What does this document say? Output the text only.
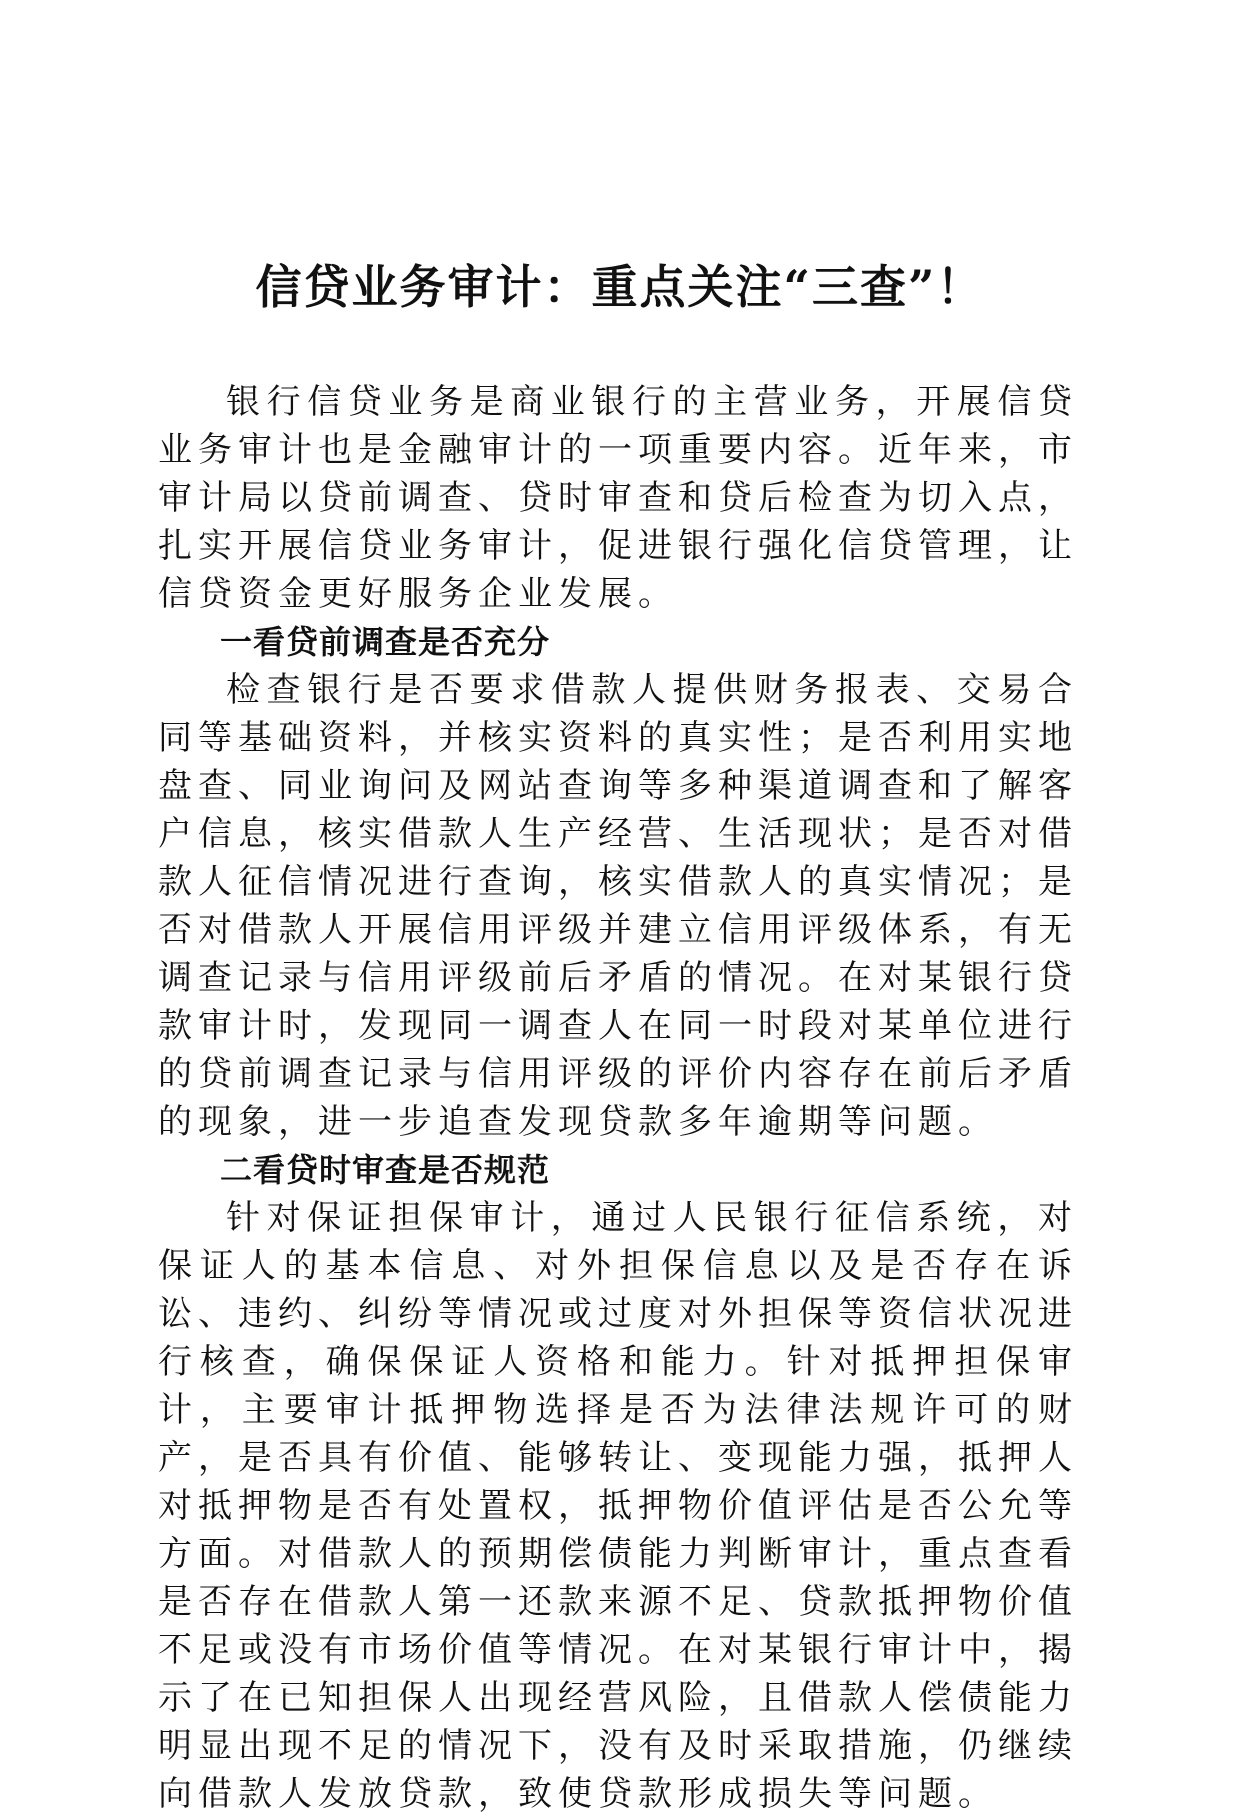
信贷业务审计：重点关注“三查”！

银行信贷业务是商业银行的主营业务，开展信贷业务审计也是金融审计的一项重要内容。近年来，市审计局以贷前调查、贷时审查和贷后检查为切入点，扎实开展信贷业务审计，促进银行强化信贷管理，让信贷资金更好服务企业发展。

一看贷前调查是否充分

检查银行是否要求借款人提供财务报表、交易合同等基础资料，并核实资料的真实性；是否利用实地盘查、同业询问及网站查询等多种渠道调查和了解客户信息，核实借款人生产经营、生活现状；是否对借款人征信情况进行查询，核实借款人的真实情况；是否对借款人开展信用评级并建立信用评级体系，有无调查记录与信用评级前后矛盾的情况。在对某银行贷款审计时，发现同一调查人在同一时段对某单位进行的贷前调查记录与信用评级的评价内容存在前后矛盾的现象，进一步追查发现贷款多年逾期等问题。

二看贷时审查是否规范

针对保证担保审计，通过人民银行征信系统，对保证人的基本信息、对外担保信息以及是否存在诉讼、违约、纠纷等情况或过度对外担保等资信状况进行核查，确保保证人资格和能力。针对抵押担保审计，主要审计抵押物选择是否为法律法规许可的财产，是否具有价值、能够转让、变现能力强，抵押人对抵押物是否有处置权，抵押物价值评估是否公允等方面。对借款人的预期偿债能力判断审计，重点查看是否存在借款人第一还款来源不足、贷款抵押物价值不足或没有市场价值等情况。在对某银行审计中，揭示了在已知担保人出现经营风险，且借款人偿债能力明显出现不足的情况下，没有及时采取措施，仍继续向借款人发放贷款，致使贷款形成损失等问题。
